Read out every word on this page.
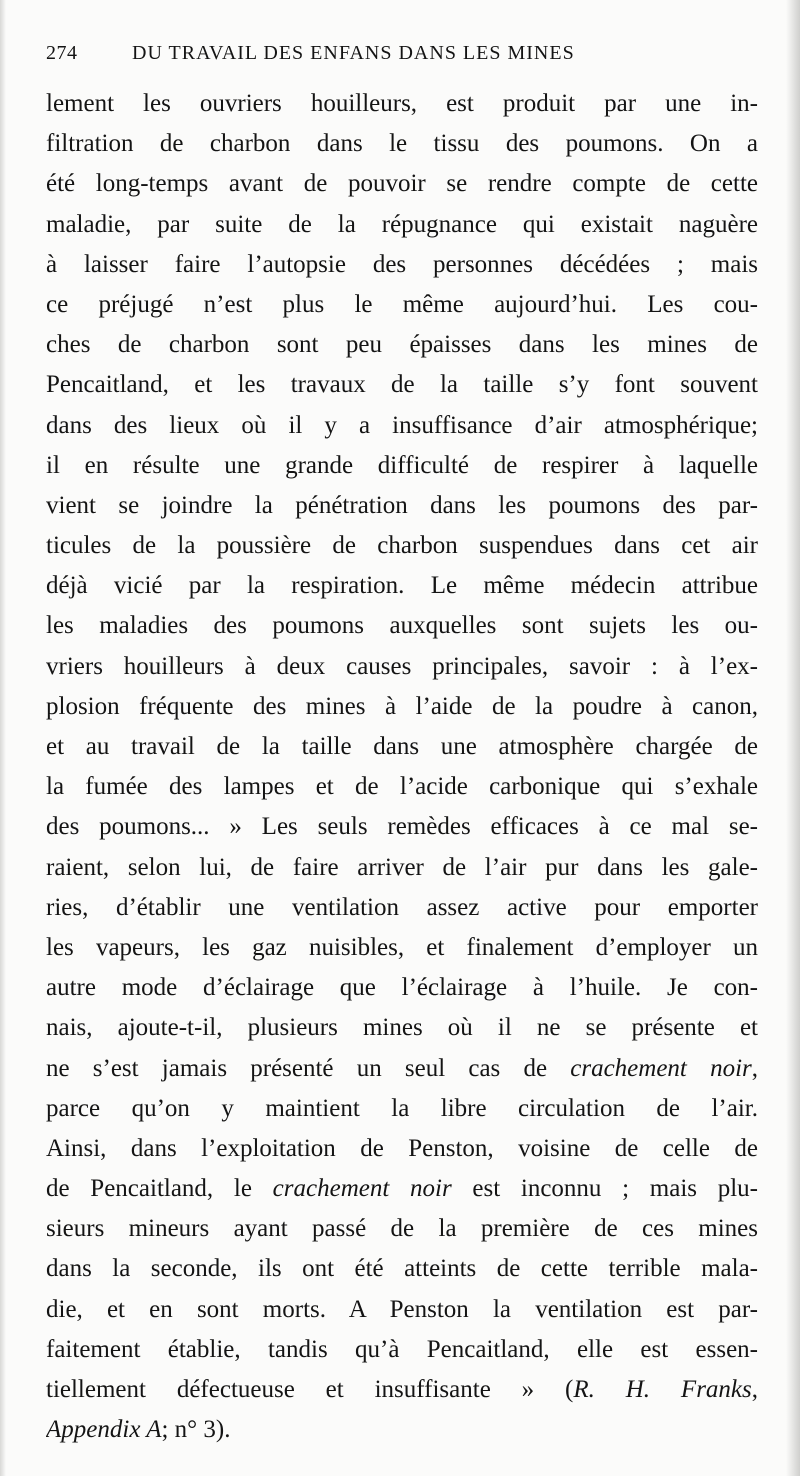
274	DU TRAVAIL DES ENFANS DANS LES MINES
lement les ouvriers houilleurs, est produit par une in-
filtration de charbon dans le tissu des poumons. On a
été long-temps avant de pouvoir se rendre compte de cette
maladie, par suite de la répugnance qui existait naguère
à laisser faire l’autopsie des personnes décédées ; mais
ce préjugé n’est plus le même aujourd’hui. Les cou-
ches de charbon sont peu épaisses dans les mines de
Pencaitland, et les travaux de la taille s’y font souvent
dans des lieux où il y a insuffisance d’air atmosphérique;
il en résulte une grande difficulté de respirer à laquelle
vient se joindre la pénétration dans les poumons des par-
ticules de la poussière de charbon suspendues dans cet air
déjà vicié par la respiration. Le même médecin attribue
les maladies des poumons auxquelles sont sujets les ou-
vriers houilleurs à deux causes principales, savoir : à l’ex-
plosion fréquente des mines à l’aide de la poudre à canon,
et au travail de la taille dans une atmosphère chargée de
la fumée des lampes et de l’acide carbonique qui s’exhale
des poumons... » Les seuls remèdes efficaces à ce mal se-
raient, selon lui, de faire arriver de l’air pur dans les gale-
ries, d’établir une ventilation assez active pour emporter
les vapeurs, les gaz nuisibles, et finalement d’employer un
autre mode d’éclairage que l’éclairage à l’huile. Je con-
nais, ajoute-t-il, plusieurs mines où il ne se présente et
ne s’est jamais présenté un seul cas de crachement noir,
parce qu’on y maintient la libre circulation de l’air.
Ainsi, dans l’exploitation de Penston, voisine de celle de
de Pencaitland, le crachement noir est inconnu ; mais plu-
sieurs mineurs ayant passé de la première de ces mines
dans la seconde, ils ont été atteints de cette terrible mala-
die, et en sont morts. A Penston la ventilation est par-
faitement établie, tandis qu’à Pencaitland, elle est essen-
tiellement défectueuse et insuffisante » (R. H. Franks,
Appendix A; n° 3).
